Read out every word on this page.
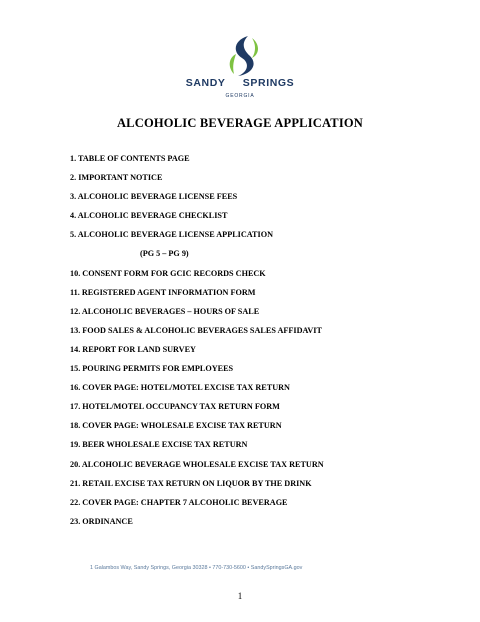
SANDY SPRINGS
GEORGIA
ALCOHOLIC BEVERAGE APPLICATION
1. TABLE OF CONTENTS PAGE
2. IMPORTANT NOTICE
3. ALCOHOLIC BEVERAGE LICENSE FEES
4. ALCOHOLIC BEVERAGE CHECKLIST
5. ALCOHOLIC BEVERAGE LICENSE APPLICATION
(PG 5 – PG 9)
10. CONSENT FORM FOR GCIC RECORDS CHECK
11. REGISTERED AGENT INFORMATION FORM
12. ALCOHOLIC BEVERAGES – HOURS OF SALE
13. FOOD SALES & ALCOHOLIC BEVERAGES SALES AFFIDAVIT
14. REPORT FOR LAND SURVEY
15. POURING PERMITS FOR EMPLOYEES
16. COVER PAGE: HOTEL/MOTEL EXCISE TAX RETURN
17. HOTEL/MOTEL OCCUPANCY TAX RETURN FORM
18. COVER PAGE: WHOLESALE EXCISE TAX RETURN
19. BEER WHOLESALE EXCISE TAX RETURN
20. ALCOHOLIC BEVERAGE WHOLESALE EXCISE TAX RETURN
21. RETAIL EXCISE TAX RETURN ON LIQUOR BY THE DRINK
22. COVER PAGE: CHAPTER 7 ALCOHOLIC BEVERAGE
23. ORDINANCE
1 Galambos Way, Sandy Springs, Georgia 30328 • 770-730-5600 • SandySpringsGA.gov
1
